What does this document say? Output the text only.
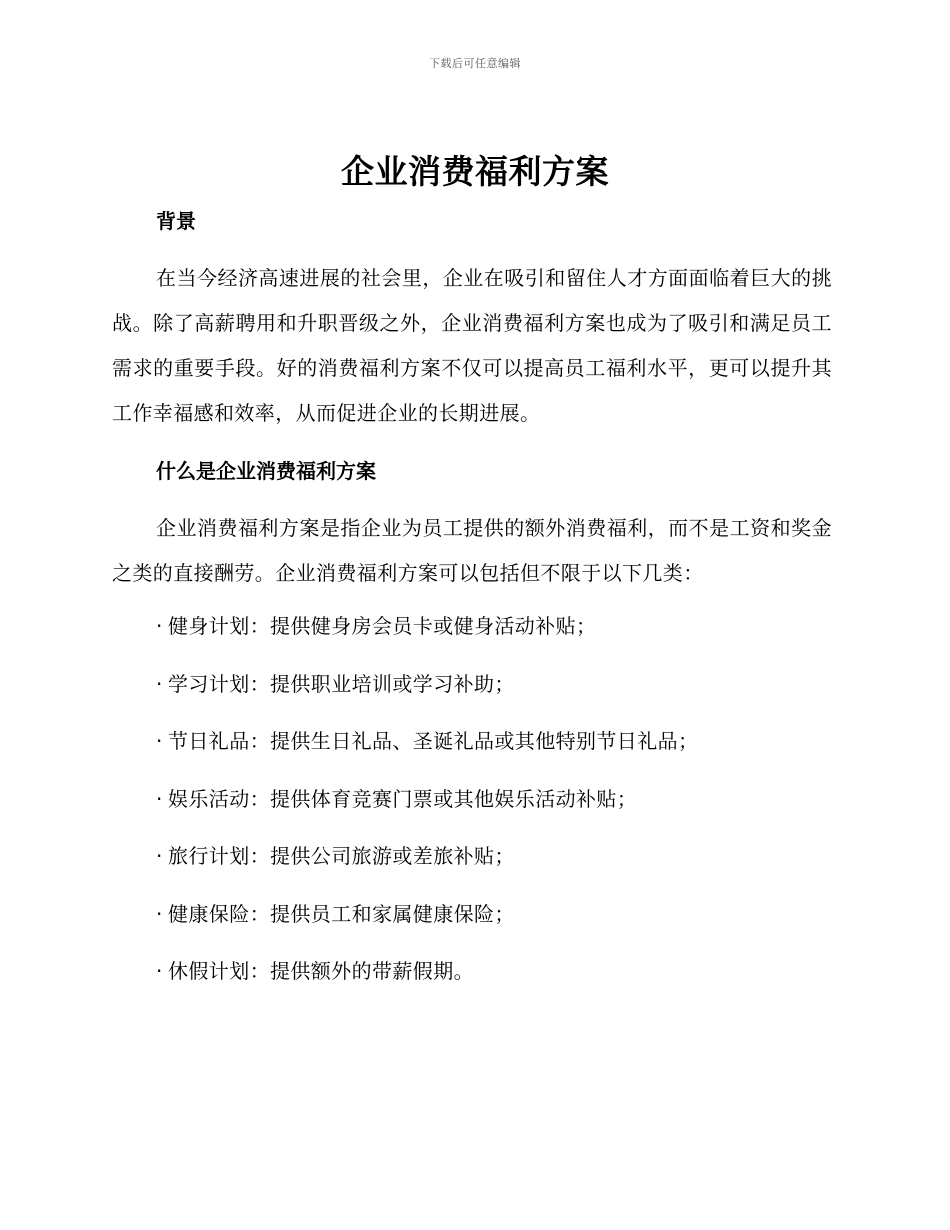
下载后可任意编辑
企业消费福利方案
背景
在当今经济高速进展的社会里，企业在吸引和留住人才方面面临着巨大的挑战。除了高薪聘用和升职晋级之外，企业消费福利方案也成为了吸引和满足员工需求的重要手段。好的消费福利方案不仅可以提高员工福利水平，更可以提升其工作幸福感和效率，从而促进企业的长期进展。
什么是企业消费福利方案
企业消费福利方案是指企业为员工提供的额外消费福利，而不是工资和奖金之类的直接酬劳。企业消费福利方案可以包括但不限于以下几类：
· 健身计划：提供健身房会员卡或健身活动补贴；
· 学习计划：提供职业培训或学习补助；
· 节日礼品：提供生日礼品、圣诞礼品或其他特别节日礼品；
· 娱乐活动：提供体育竞赛门票或其他娱乐活动补贴；
· 旅行计划：提供公司旅游或差旅补贴；
· 健康保险：提供员工和家属健康保险；
· 休假计划：提供额外的带薪假期。
